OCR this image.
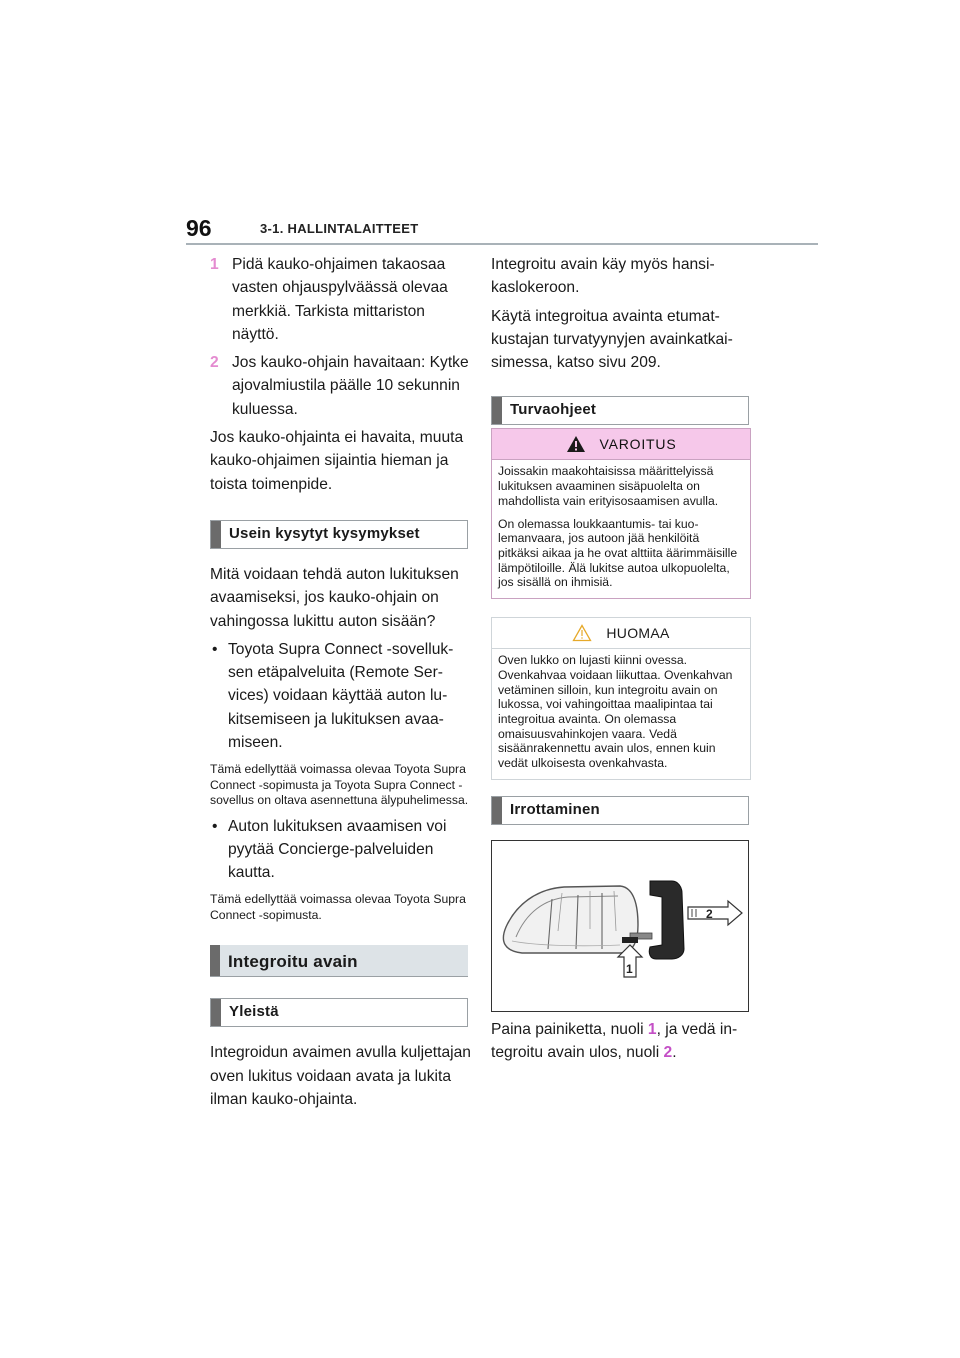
96	3-1. HALLINTALAITTEET
1 Pidä kauko-ohjaimen takaosaa vasten ohjauspylväässä olevaa merkkiä. Tarkista mittariston näyttö.
2 Jos kauko-ohjain havaitaan: Kytke ajovalmiustila päälle 10 sekunnin kuluessa.

Jos kauko-ohjainta ei havaita, muuta kauko-ohjaimen sijaintia hieman ja toista toimenpide.

Usein kysytyt kysymykset

Mitä voidaan tehdä auton lukituksen avaamiseksi, jos kauko-ohjain on vahingossa lukittu auton sisään?

• Toyota Supra Connect -sovelluksen etäpalveluita (Remote Services) voidaan käyttää auton lukitsemiseen ja lukituksen avaamiseen.

Tämä edellyttää voimassa olevaa Toyota Supra Connect -sopimusta ja Toyota Supra Connect -sovellus on oltava asennettuna älypuhelimessa.

• Auton lukituksen avaamisen voi pyytää Concierge-palveluiden kautta.

Tämä edellyttää voimassa olevaa Toyota Supra Connect -sopimusta.

Integroitu avain
Yleistä

Integroidun avaimen avulla kuljettajan oven lukitus voidaan avata ja lukita ilman kauko-ohjainta.

Integroitu avain käy myös hansikaslokeroon.

Käytä integroitua avainta etumatkustajan turvatyynyjen avainkatkaisimessa, katso sivu 209.

Turvaohjeet
VAROITUS

Joissakin maakohtaisissa määrittelyissä lukituksen avaaminen sisäpuolelta on mahdollista vain erityisosaamisen avulla.

On olemassa loukkaantumis- tai kuolemanvaara, jos autoon jää henkilöitä pitkäksi aikaa ja he ovat alttiita äärimmäisille lämpötiloille. Älä lukitse autoa ulkopuolelta, jos sisällä on ihmisiä.

HUOMAA

Oven lukko on lujasti kiinni ovessa. Ovenkahvaa voidaan liikuttaa. Ovenkahvan vetäminen silloin, kun integroitu avain on lukossa, voi vahingoittaa maalipintaa tai integroitua avainta. On olemassa omaisuusvahinkojen vaara. Vedä sisäänrakennettu avain ulos, ennen kuin vedät ulkoisesta ovenkahvasta.

Irrottaminen
2
1

Paina painiketta, nuoli 1, ja vedä integroitu avain ulos, nuoli 2.
